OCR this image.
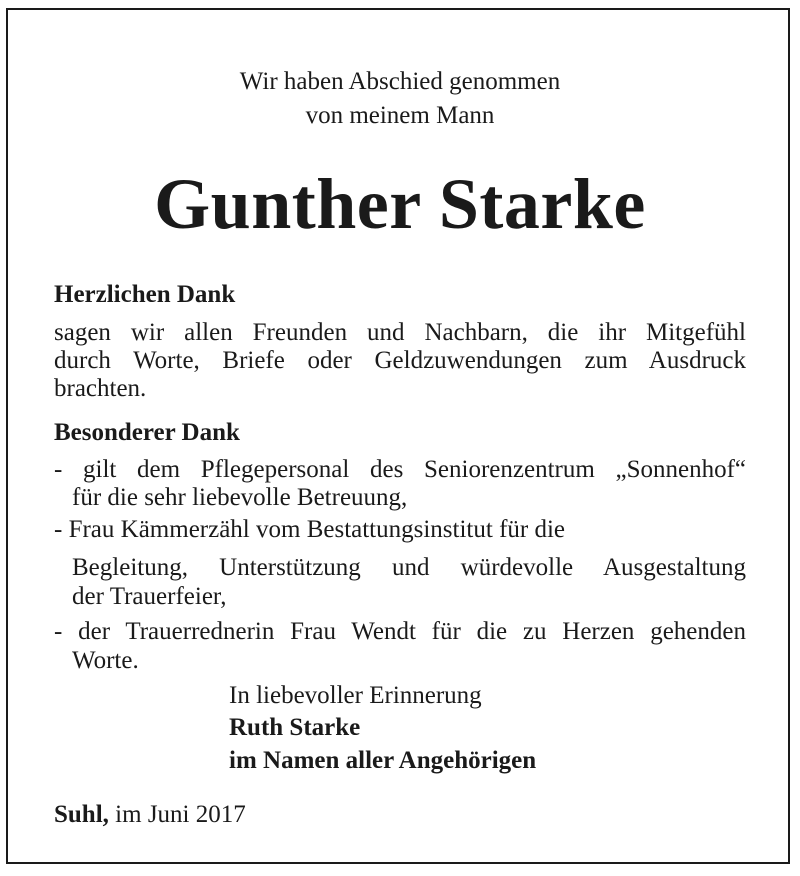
Wir haben Abschied genommen
von meinem Mann
Gunther Starke
Herzlichen Dank
sagen wir allen Freunden und Nachbarn, die ihr Mitgefühl
durch Worte, Briefe oder Geldzuwendungen zum Ausdruck
brachten.
Besonderer Dank
- gilt dem Pflegepersonal des Seniorenzentrum „Sonnenhof“
für die sehr liebevolle Betreuung,
- Frau Kämmerzähl vom Bestattungsinstitut für die
Begleitung, Unterstützung und würdevolle Ausgestaltung
der Trauerfeier,
- der Trauerrednerin Frau Wendt für die zu Herzen gehenden
Worte.
In liebevoller Erinnerung
Ruth Starke
im Namen aller Angehörigen
Suhl, im Juni 2017
